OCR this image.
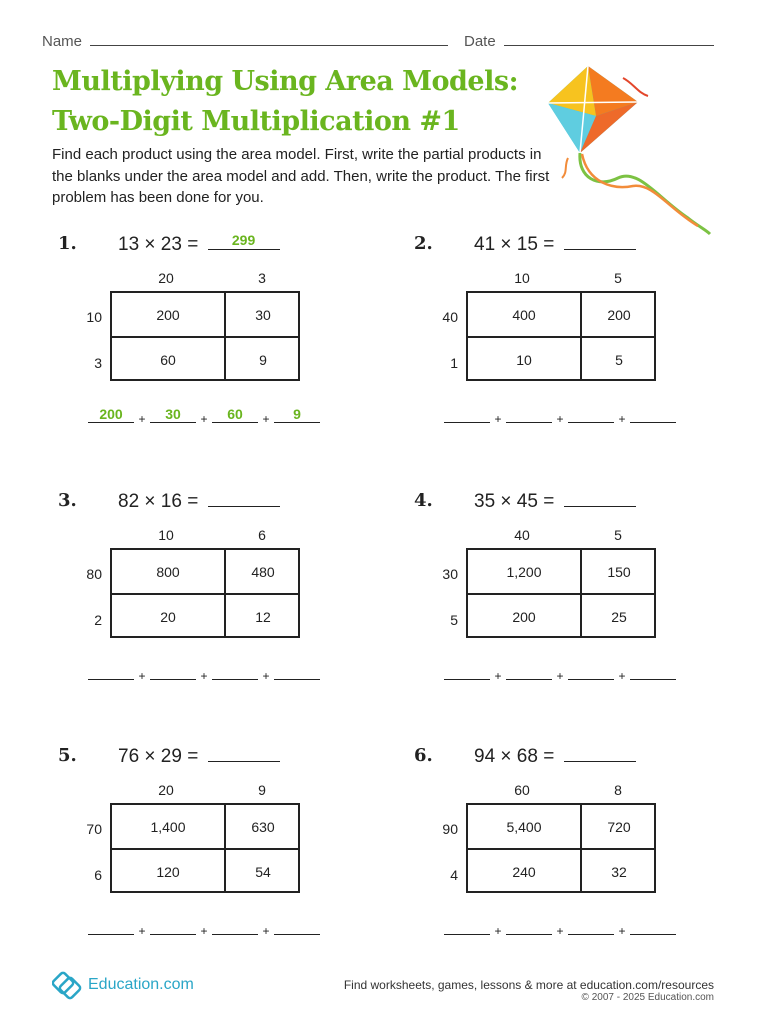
Name	Date
Multiplying Using Area Models:
Two-Digit Multiplication #1
Find each product using the area model. First, write the partial products in the blanks under the area model and add. Then, write the product. The first problem has been done for you.
1. 13 × 23 =	299
20	3
10
3
200	30
60	9
200	+	30	+	60	+	9
2. 41 × 15 =
10	5
40
1
400	200
10	5
+	+	+
3. 82 × 16 =
10	6
80
2
800	480
20	12
+	+	+
4. 35 × 45 =
40	5
30
5
1,200	150
200	25
+	+	+
5. 76 × 29 =
20	9
70
6
1,400	630
120	54
+	+	+
6. 94 × 68 =
60	8
90
4
5,400	720
240	32
+	+	+
Education.com	Find worksheets, games, lessons & more at education.com/resources
© 2007 - 2025 Education.com
